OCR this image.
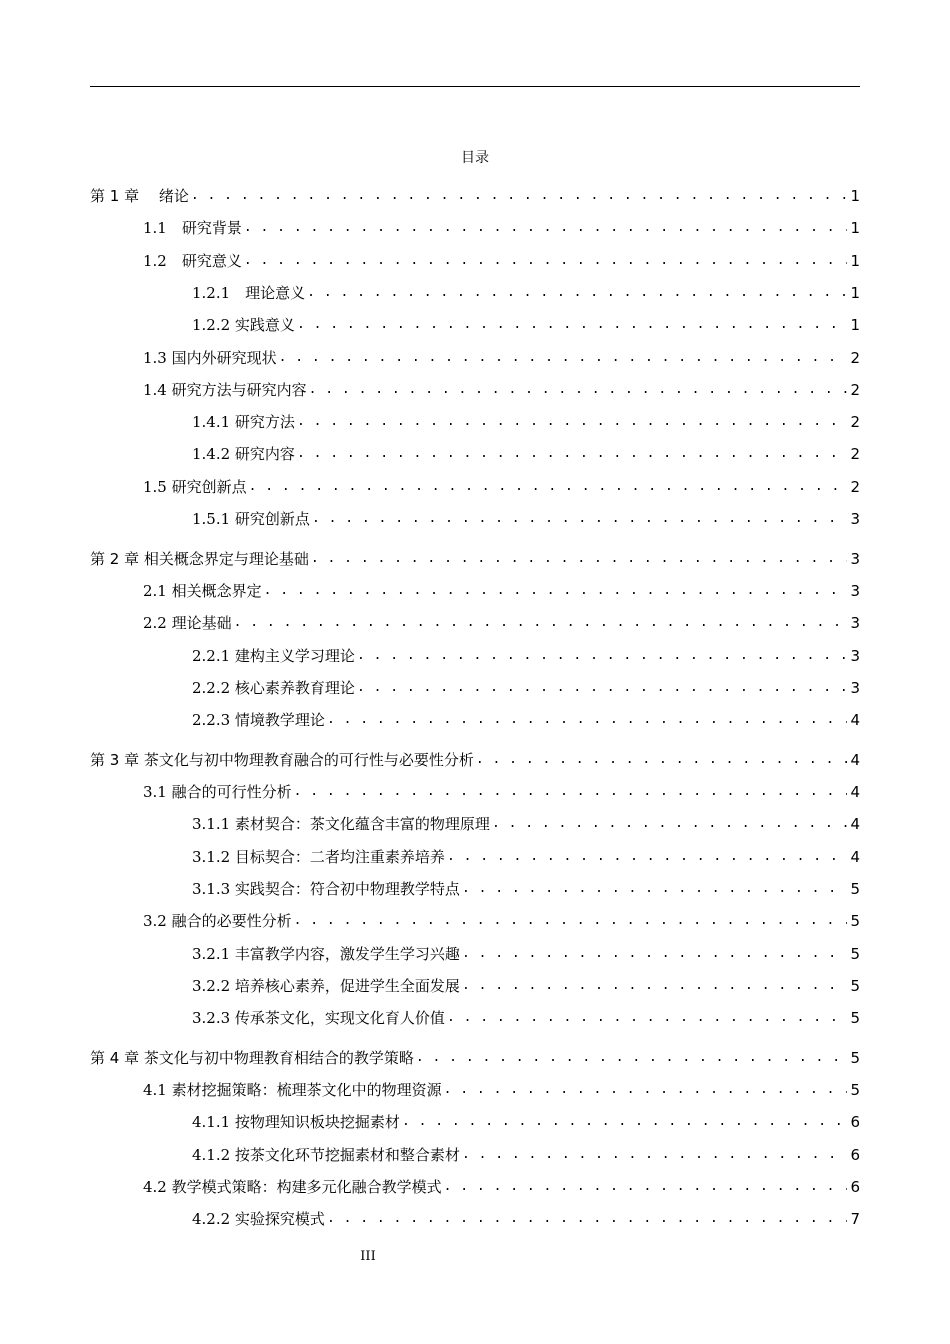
目录
第 1 章　 绪论 . . .	1
1.1　研究背景 . . .	1
1.2　研究意义 . . .	1
1.2.1　理论意义 . . .	1
1.2.2 实践意义 . . .	1
1.3 国内外研究现状 . . .	2
1.4 研究方法与研究内容 . . .	2
1.4.1 研究方法 . . .	2
1.4.2 研究内容 . . .	2
1.5 研究创新点 . . .	2
1.5.1 研究创新点 . . .	3
第 2 章 相关概念界定与理论基础 . . .	3
2.1 相关概念界定 . . .	3
2.2 理论基础 . . .	3
2.2.1 建构主义学习理论 . . .	3
2.2.2 核心素养教育理论 . . .	3
2.2.3 情境教学理论 . . .	4
第 3 章 茶文化与初中物理教育融合的可行性与必要性分析 . . .	4
3.1 融合的可行性分析 . . .	4
3.1.1 素材契合：茶文化蕴含丰富的物理原理 . . .	4
3.1.2 目标契合：二者均注重素养培养 . . .	4
3.1.3 实践契合：符合初中物理教学特点 . . .	5
3.2 融合的必要性分析 . . .	5
3.2.1 丰富教学内容，激发学生学习兴趣 . . .	5
3.2.2 培养核心素养，促进学生全面发展 . . .	5
3.2.3 传承茶文化，实现文化育人价值 . . .	5
第 4 章 茶文化与初中物理教育相结合的教学策略 . . .	5
4.1 素材挖掘策略：梳理茶文化中的物理资源 . . .	5
4.1.1 按物理知识板块挖掘素材 . . .	6
4.1.2 按茶文化环节挖掘素材和整合素材 . . .	6
4.2 教学模式策略：构建多元化融合教学模式 . . .	6
4.2.2 实验探究模式 . . .	7
III
